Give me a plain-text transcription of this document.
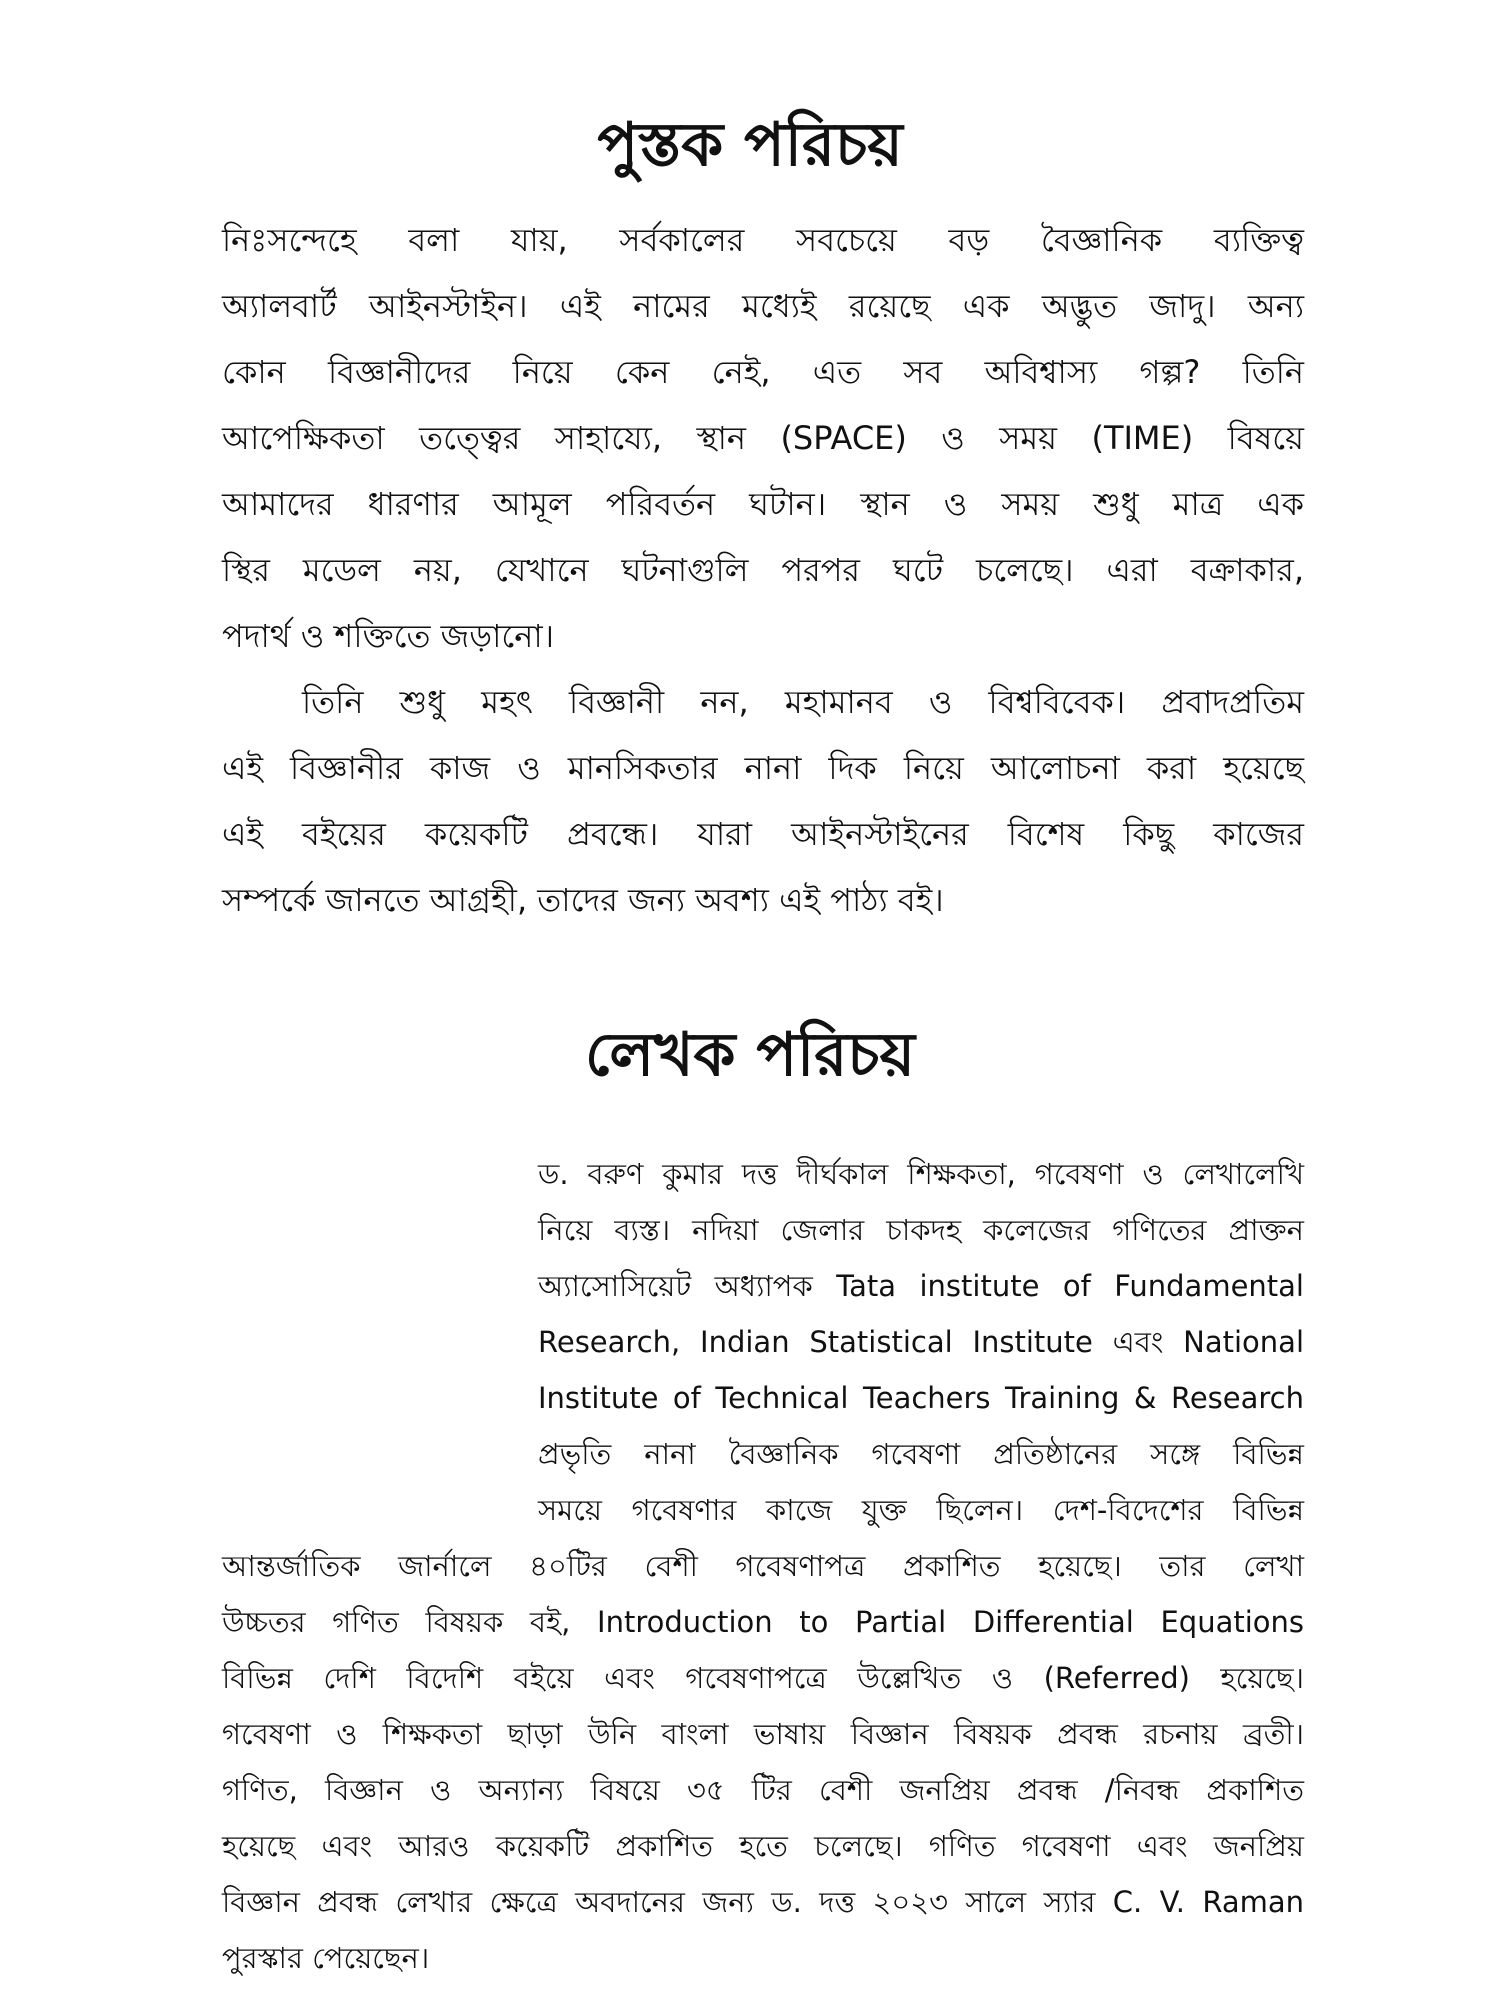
পুস্তক পরিচয়

নিঃসন্দেহে বলা যায়, সর্বকালের সবচেয়ে বড় বৈজ্ঞানিক ব্যক্তিত্ব

অ্যালবার্ট আইনস্টাইন। এই নামের মধ্যেই রয়েছে এক অদ্ভুত জাদু। অন্য

কোন বিজ্ঞানীদের নিয়ে কেন নেই, এত সব অবিশ্বাস্য গল্প? তিনি

আপেক্ষিকতা তত্ত্বের সাহায্যে, স্থান (SPACE) ও সময় (TIME) বিষয়ে

আমাদের ধারণার আমূল পরিবর্তন ঘটান। স্থান ও সময় শুধু মাত্র এক

স্থির মডেল নয়, যেখানে ঘটনাগুলি পরপর ঘটে চলেছে। এরা বক্রাকার,

পদার্থ ও শক্তিতে জড়ানো।

তিনি শুধু মহৎ বিজ্ঞানী নন, মহামানব ও বিশ্ববিবেক। প্রবাদপ্রতিম

এই বিজ্ঞানীর কাজ ও মানসিকতার নানা দিক নিয়ে আলোচনা করা হয়েছে

এই বইয়ের কয়েকটি প্রবন্ধে। যারা আইনস্টাইনের বিশেষ কিছু কাজের

সম্পর্কে জানতে আগ্রহী, তাদের জন্য অবশ্য এই পাঠ্য বই।

লেখক পরিচয়

ড. বরুণ কুমার দত্ত দীর্ঘকাল শিক্ষকতা, গবেষণা ও লেখালেখি

নিয়ে ব্যস্ত। নদিয়া জেলার চাকদহ কলেজের গণিতের প্রাক্তন

অ্যাসোসিয়েট অধ্যাপক Tata institute of Fundamental

Research, Indian Statistical Institute এবং National

Institute of Technical Teachers Training & Research

প্রভৃতি নানা বৈজ্ঞানিক গবেষণা প্রতিষ্ঠানের সঙ্গে বিভিন্ন

সময়ে গবেষণার কাজে যুক্ত ছিলেন। দেশ-বিদেশের বিভিন্ন

আন্তর্জাতিক জার্নালে ৪০টির বেশী গবেষণাপত্র প্রকাশিত হয়েছে। তার লেখা

উচ্চতর গণিত বিষয়ক বই, Introduction to Partial Differential Equations

বিভিন্ন দেশি বিদেশি বইয়ে এবং গবেষণাপত্রে উল্লেখিত ও (Referred) হয়েছে।

গবেষণা ও শিক্ষকতা ছাড়া উনি বাংলা ভাষায় বিজ্ঞান বিষয়ক প্রবন্ধ রচনায় ব্রতী।

গণিত, বিজ্ঞান ও অন্যান্য বিষয়ে ৩৫ টির বেশী জনপ্রিয় প্রবন্ধ /নিবন্ধ প্রকাশিত

হয়েছে এবং আরও কয়েকটি প্রকাশিত হতে চলেছে। গণিত গবেষণা এবং জনপ্রিয়

বিজ্ঞান প্রবন্ধ লেখার ক্ষেত্রে অবদানের জন্য ড. দত্ত ২০২৩ সালে স্যার C. V. Raman

পুরস্কার পেয়েছেন।
